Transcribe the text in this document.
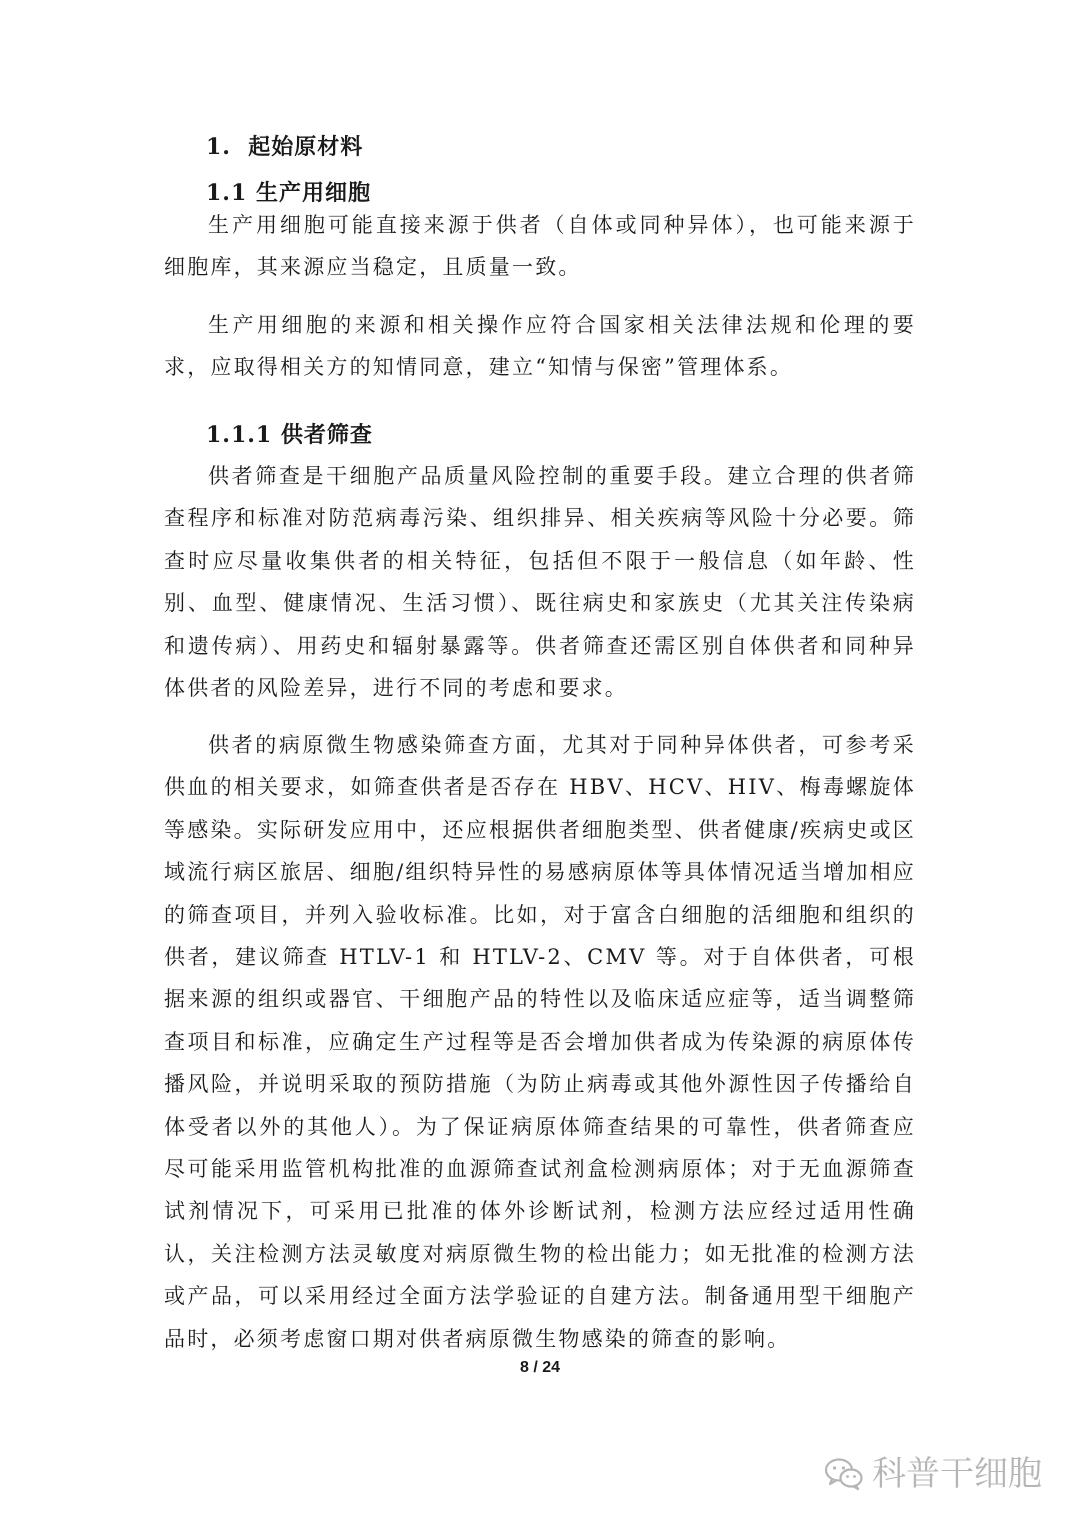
1. 起始原材料
1.1 生产用细胞

生产用细胞可能直接来源于供者（自体或同种异体），也可能来源于细胞库，其来源应当稳定，且质量一致。

生产用细胞的来源和相关操作应符合国家相关法律法规和伦理的要求，应取得相关方的知情同意，建立“知情与保密”管理体系。

1.1.1 供者筛查

供者筛查是干细胞产品质量风险控制的重要手段。建立合理的供者筛查程序和标准对防范病毒污染、组织排异、相关疾病等风险十分必要。筛查时应尽量收集供者的相关特征，包括但不限于一般信息（如年龄、性别、血型、健康情况、生活习惯）、既往病史和家族史（尤其关注传染病和遗传病）、用药史和辐射暴露等。供者筛查还需区别自体供者和同种异体供者的风险差异，进行不同的考虑和要求。

供者的病原微生物感染筛查方面，尤其对于同种异体供者，可参考采供血的相关要求，如筛查供者是否存在 HBV、HCV、HIV、梅毒螺旋体等感染。实际研发应用中，还应根据供者细胞类型、供者健康/疾病史或区域流行病区旅居、细胞/组织特异性的易感病原体等具体情况适当增加相应的筛查项目，并列入验收标准。比如，对于富含白细胞的活细胞和组织的供者，建议筛查 HTLV-1 和 HTLV-2、CMV 等。对于自体供者，可根据来源的组织或器官、干细胞产品的特性以及临床适应症等，适当调整筛查项目和标准，应确定生产过程等是否会增加供者成为传染源的病原体传播风险，并说明采取的预防措施（为防止病毒或其他外源性因子传播给自体受者以外的其他人）。为了保证病原体筛查结果的可靠性，供者筛查应尽可能采用监管机构批准的血源筛查试剂盒检测病原体；对于无血源筛查试剂情况下，可采用已批准的体外诊断试剂，检测方法应经过适用性确认，关注检测方法灵敏度对病原微生物的检出能力；如无批准的检测方法或产品，可以采用经过全面方法学验证的自建方法。制备通用型干细胞产品时，必须考虑窗口期对供者病原微生物感染的筛查的影响。

8 / 24
科普干细胞
